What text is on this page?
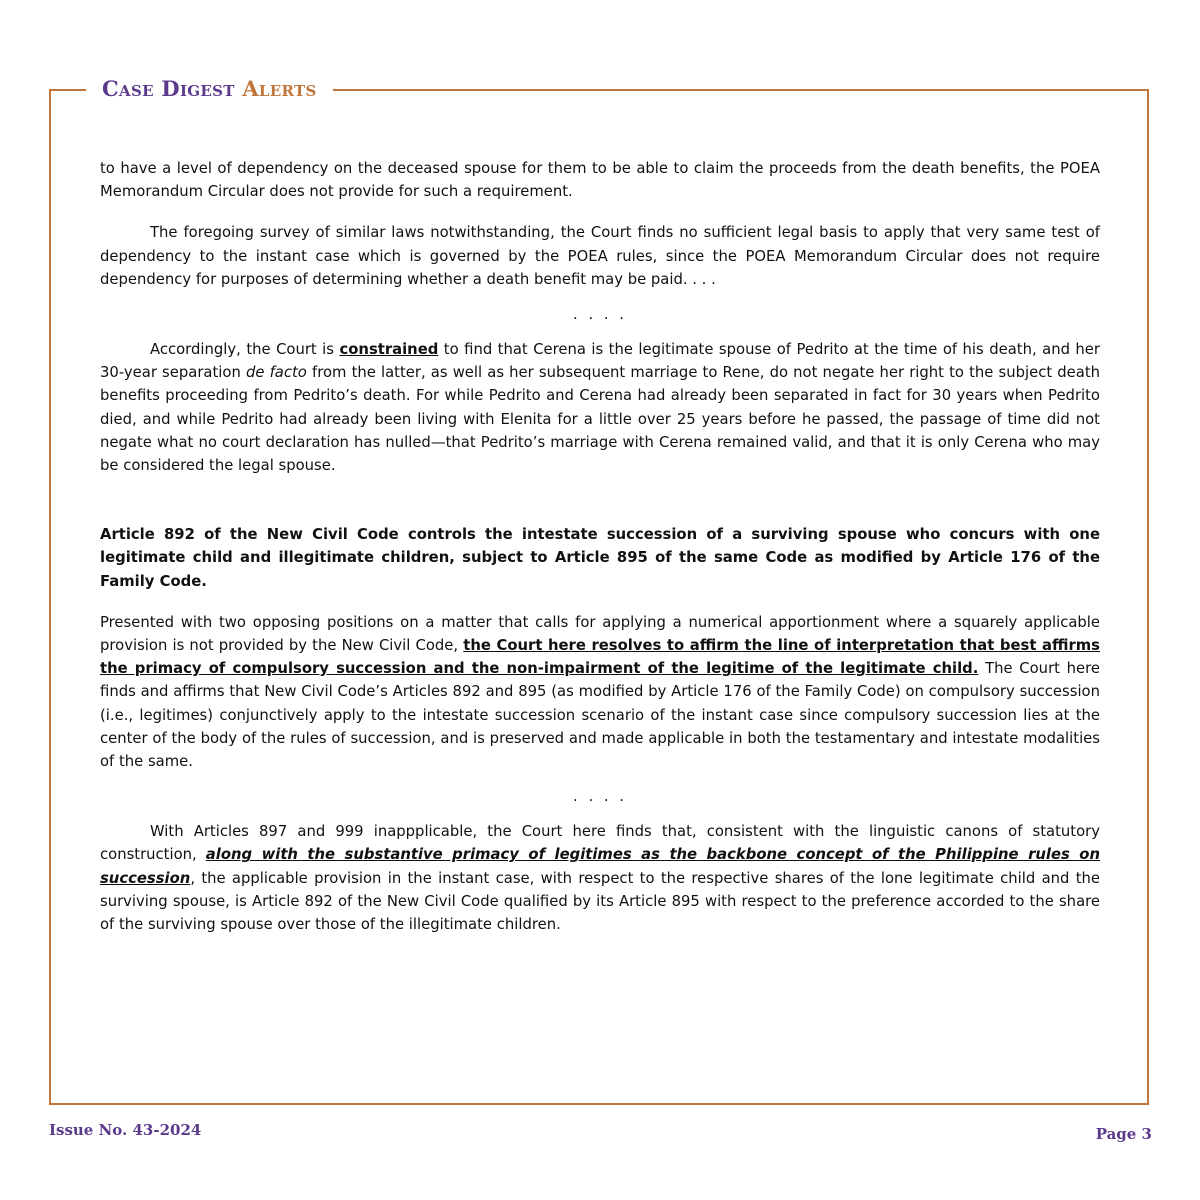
Case Digest Alerts

to have a level of dependency on the deceased spouse for them to be able to claim the proceeds from the death benefits, the POEA Memorandum Circular does not provide for such a requirement.

The foregoing survey of similar laws notwithstanding, the Court finds no sufficient legal basis to apply that very same test of dependency to the instant case which is governed by the POEA rules, since the POEA Memorandum Circular does not require dependency for purposes of determining whether a death benefit may be paid. . . .

. . . .

Accordingly, the Court is constrained to find that Cerena is the legitimate spouse of Pedrito at the time of his death, and her 30-year separation de facto from the latter, as well as her subsequent marriage to Rene, do not negate her right to the subject death benefits proceeding from Pedrito’s death. For while Pedrito and Cerena had already been separated in fact for 30 years when Pedrito died, and while Pedrito had already been living with Elenita for a little over 25 years before he passed, the passage of time did not negate what no court declaration has nulled—that Pedrito’s marriage with Cerena remained valid, and that it is only Cerena who may be considered the legal spouse.

Article 892 of the New Civil Code controls the intestate succession of a surviving spouse who concurs with one legitimate child and illegitimate children, subject to Article 895 of the same Code as modified by Article 176 of the Family Code.

Presented with two opposing positions on a matter that calls for applying a numerical apportionment where a squarely applicable provision is not provided by the New Civil Code, the Court here resolves to affirm the line of interpretation that best affirms the primacy of compulsory succession and the non-impairment of the legitime of the legitimate child. The Court here finds and affirms that New Civil Code’s Articles 892 and 895 (as modified by Article 176 of the Family Code) on compulsory succession (i.e., legitimes) conjunctively apply to the intestate succession scenario of the instant case since compulsory succession lies at the center of the body of the rules of succession, and is preserved and made applicable in both the testamentary and intestate modalities of the same.

. . . .

With Articles 897 and 999 inappplicable, the Court here finds that, consistent with the linguistic canons of statutory construction, along with the substantive primacy of legitimes as the backbone concept of the Philippine rules on succession, the applicable provision in the instant case, with respect to the respective shares of the lone legitimate child and the surviving spouse, is Article 892 of the New Civil Code qualified by its Article 895 with respect to the preference accorded to the share of the surviving spouse over those of the illegitimate children.

Issue No. 43-2024	Page 3
